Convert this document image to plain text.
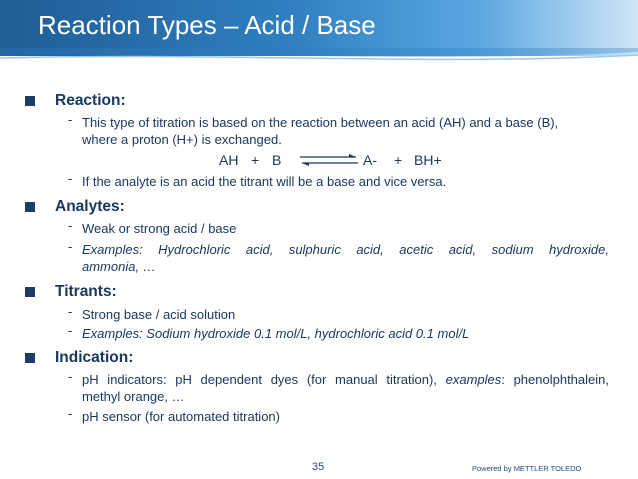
Reaction Types – Acid / Base
Reaction:
- This type of titration is based on the reaction between an acid (AH) and a base (B),
where a proton (H+) is exchanged.
AH + B ⇌ A- + BH+
- If the analyte is an acid the titrant will be a base and vice versa.
Analytes:
- Weak or strong acid / base
- Examples: Hydrochloric acid, sulphuric acid, acetic acid, sodium hydroxide,
ammonia, …
Titrants:
- Strong base / acid solution
- Examples: Sodium hydroxide 0.1 mol/L, hydrochloric acid 0.1 mol/L
Indication:
- pH indicators: pH dependent dyes (for manual titration), examples: phenolphthalein,
methyl orange, …
- pH sensor (for automated titration)
35	Powered by METTLER TOLEDO
